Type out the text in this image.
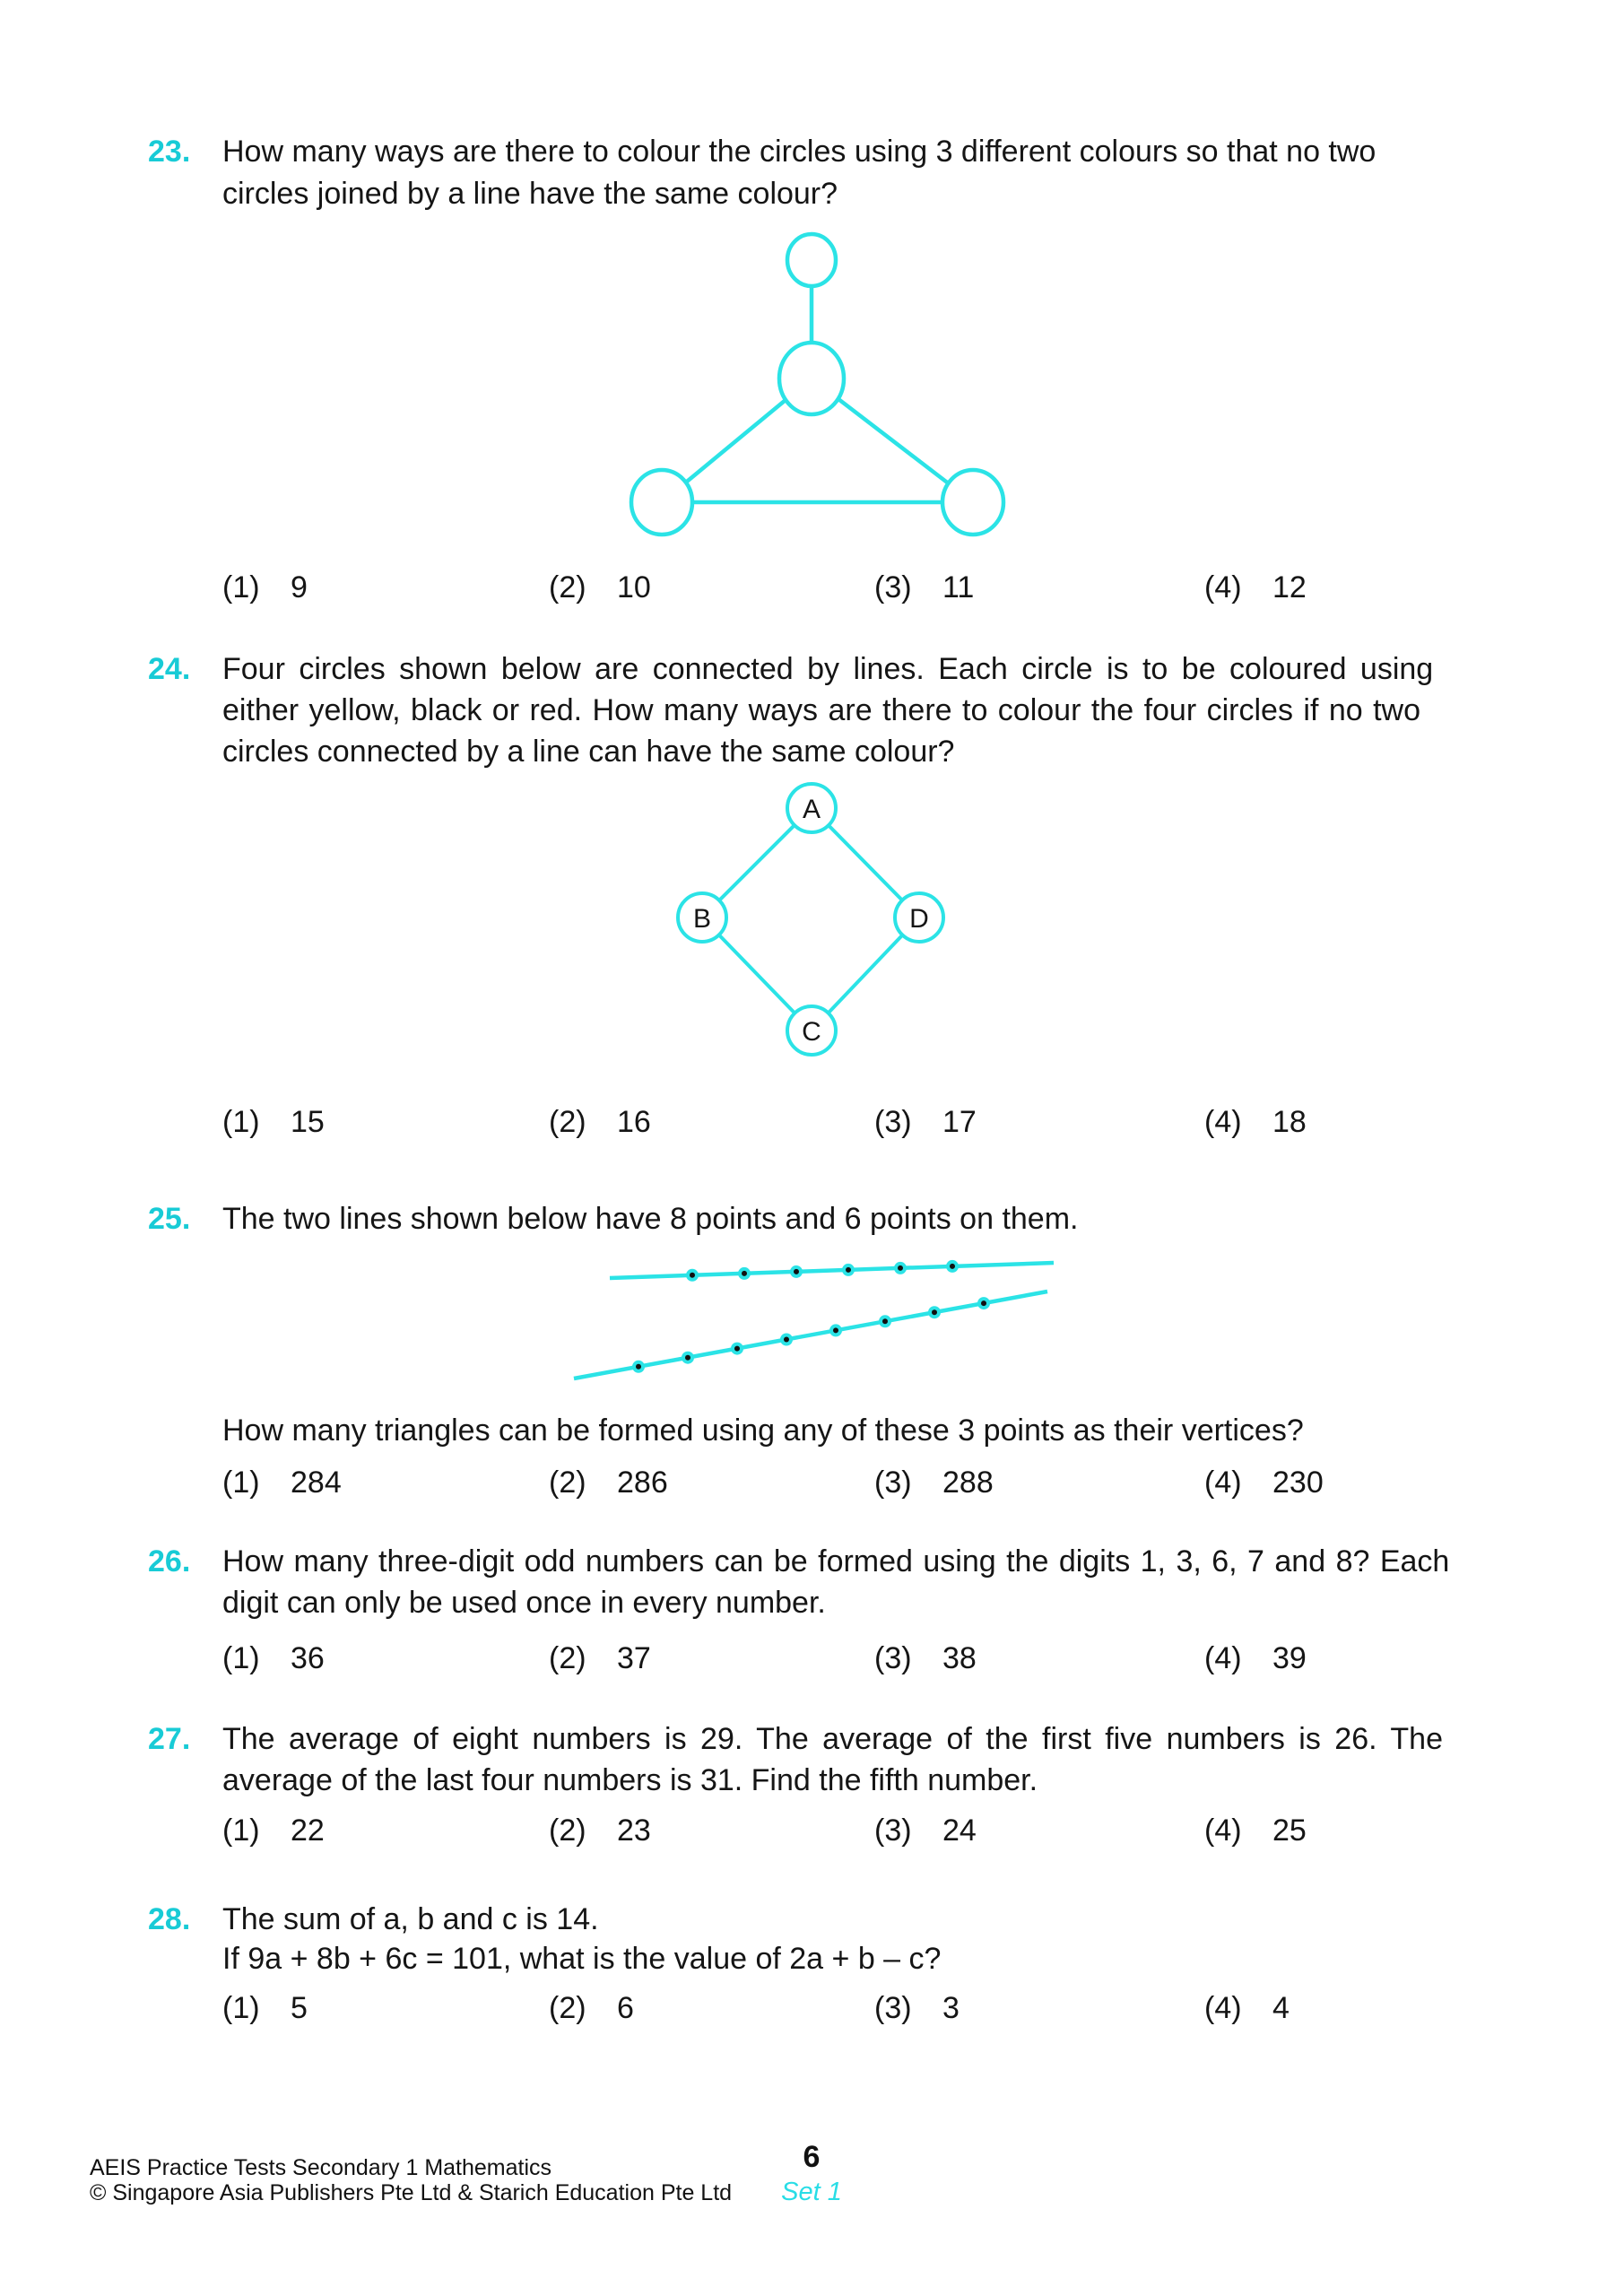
23. How many ways are there to colour the circles using 3 different colours so that no two
circles joined by a line have the same colour?
(1) 9	(2) 10	(3) 11	(4) 12
24. Four circles shown below are connected by lines. Each circle is to be coloured using
either yellow, black or red. How many ways are there to colour the four circles if no two
circles connected by a line can have the same colour?
A
B	D
C
(1) 15	(2) 16	(3) 17	(4) 18
25. The two lines shown below have 8 points and 6 points on them.
How many triangles can be formed using any of these 3 points as their vertices?
(1) 284	(2) 286	(3) 288	(4) 230
26. How many three-digit odd numbers can be formed using the digits 1, 3, 6, 7 and 8? Each
digit can only be used once in every number.
(1) 36	(2) 37	(3) 38	(4) 39
27. The average of eight numbers is 29. The average of the first five numbers is 26. The
average of the last four numbers is 31. Find the fifth number.
(1) 22	(2) 23	(3) 24	(4) 25
28. The sum of a, b and c is 14.
If 9a + 8b + 6c = 101, what is the value of 2a + b – c?
(1) 5	(2) 6	(3) 3	(4) 4
AEIS Practice Tests Secondary 1 Mathematics
© Singapore Asia Publishers Pte Ltd & Starich Education Pte Ltd
6
Set 1
